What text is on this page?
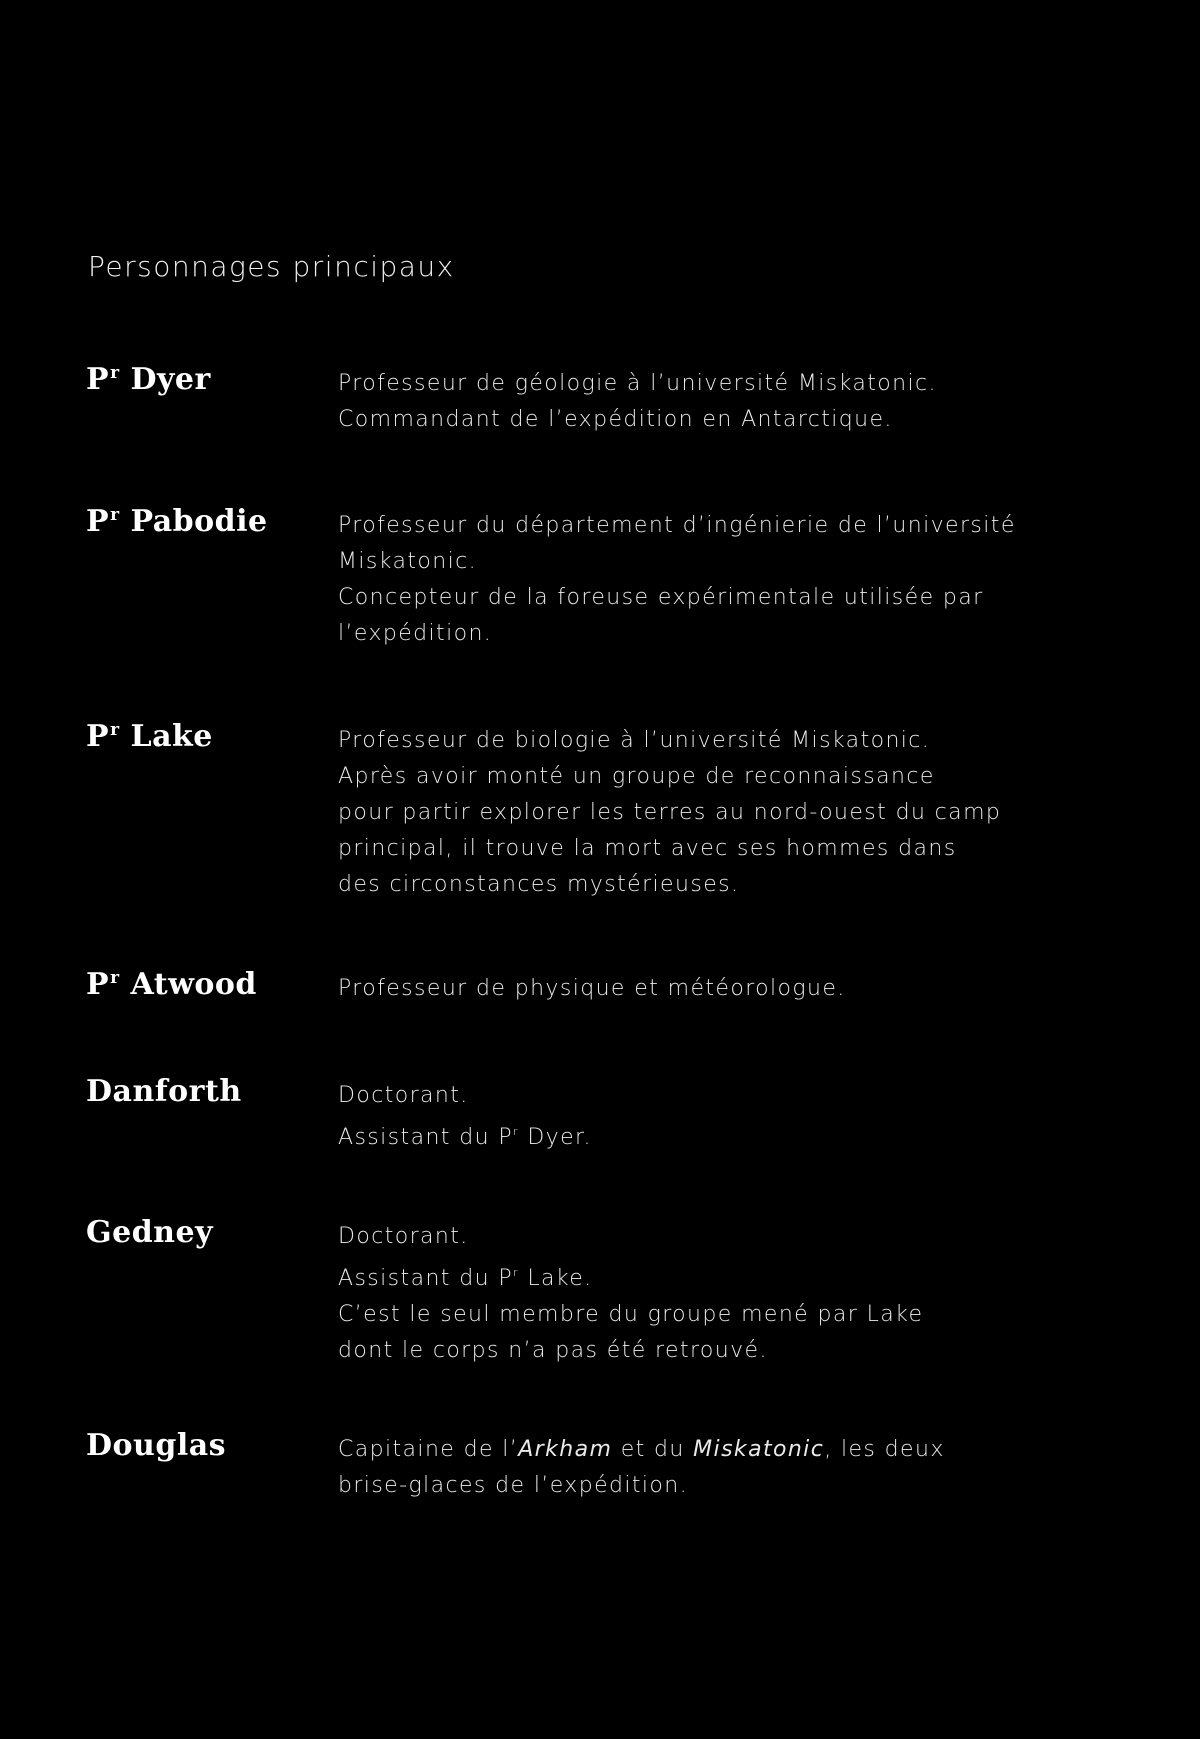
Personnages principaux
$P^r$ Dyer	Professeur de géologie à l’université Miskatonic.
Commandant de l’expédition en Antarctique.
$P^r$ Pabodie	Professeur du département d’ingénierie de l’université
Miskatonic.
Concepteur de la foreuse expérimentale utilisée par
l’expédition.
$P^r$ Lake	Professeur de biologie à l’université Miskatonic.
Après avoir monté un groupe de reconnaissance
pour partir explorer les terres au nord-ouest du camp
principal, il trouve la mort avec ses hommes dans
des circonstances mystérieuses.
$P^r$ Atwood	Professeur de physique et météorologue.
Danforth	Doctorant.
Assistant du $P^r$ Dyer.
Gedney	Doctorant.
Assistant du $P^r$ Lake.
C’est le seul membre du groupe mené par Lake
dont le corps n’a pas été retrouvé.
Douglas	Capitaine de l’Arkham et du Miskatonic, les deux
brise-glaces de l’expédition.
